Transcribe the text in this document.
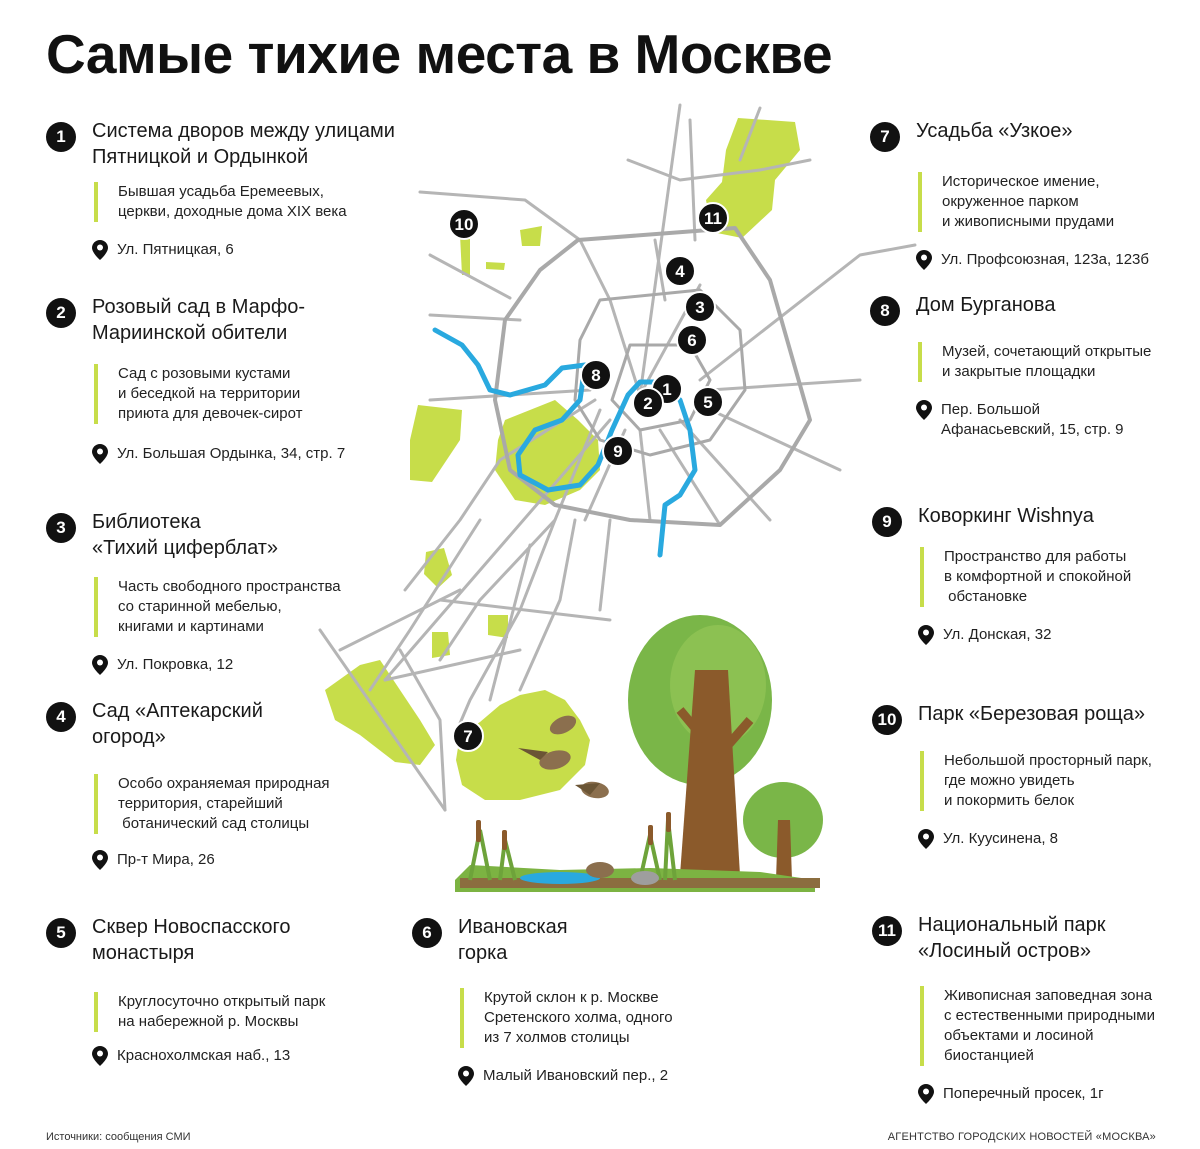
1
2
3
4
5
6
7
8
9
10	11
Самые тихие места в Москве
1	Система дворов между улицами
Пятницкой и Ордынкой
Бывшая усадьба Еремеевых,
церкви, доходные дома XIX века
Ул. Пятницкая, 6
2	Розовый сад в Марфо-
Мариинской обители
Сад с розовыми кустами
и беседкой на территории
приюта для девочек-сирот
Ул. Большая Ордынка, 34, стр. 7
3	Библиотека
«Тихий циферблат»
Часть свободного пространства
со старинной мебелью,
книгами и картинами
Ул. Покровка, 12
4	Сад «Аптекарский
огород»
Особо охраняемая природная
территория, старейший
ботанический сад столицы
Пр-т Мира, 26
5	Сквер Новоспасского
монастыря
Круглосуточно открытый парк
на набережной р. Москвы
Краснохолмская наб., 13
6	Ивановская
горка
Крутой склон к р. Москве
Сретенского холма, одного
из 7 холмов столицы
Малый Ивановский пер., 2
7	Усадьба «Узкое»
Историческое имение,
окруженное парком
и живописными прудами
Ул. Профсоюзная, 123а, 123б
8	Дом Бурганова
Музей, сочетающий открытые
и закрытые площадки
Пер. Большой
Афанасьевский, 15, стр. 9
9	Коворкинг Wishnya
Пространство для работы
в комфортной и спокойной
обстановке
Ул. Донская, 32
10 Парк «Березовая роща»
Небольшой просторный парк,
где можно увидеть
и покормить белок
Ул. Куусинена, 8
11	Национальный парк
«Лосиный остров»
Живописная заповедная зона
с естественными природными
объектами и лосиной
биостанцией
Поперечный просек, 1г
Источники: сообщения СМИ	АГЕНТСТВО ГОРОДСКИХ НОВОСТЕЙ «МОСКВА»
